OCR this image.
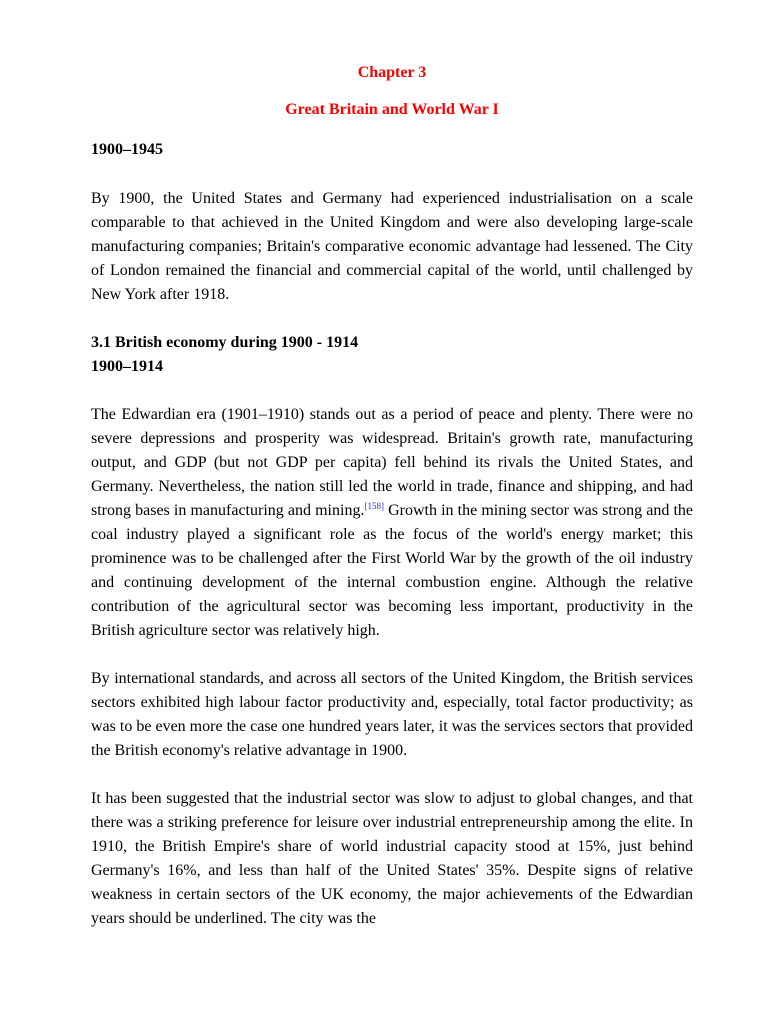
Chapter 3

Great Britain and World War I

1900–1945

By 1900, the United States and Germany had experienced industrialisation on a scale comparable to that achieved in the United Kingdom and were also developing large-scale manufacturing companies; Britain's comparative economic advantage had lessened. The City of London remained the financial and commercial capital of the world, until challenged by New York after 1918.

3.1 British economy during 1900 - 1914

1900–1914

The Edwardian era (1901–1910) stands out as a period of peace and plenty. There were no severe depressions and prosperity was widespread. Britain's growth rate, manufacturing output, and GDP (but not GDP per capita) fell behind its rivals the United States, and Germany. Nevertheless, the nation still led the world in trade, finance and shipping, and had strong bases in manufacturing and mining.[158] Growth in the mining sector was strong and the coal industry played a significant role as the focus of the world's energy market; this prominence was to be challenged after the First World War by the growth of the oil industry and continuing development of the internal combustion engine. Although the relative contribution of the agricultural sector was becoming less important, productivity in the British agriculture sector was relatively high.

By international standards, and across all sectors of the United Kingdom, the British services sectors exhibited high labour factor productivity and, especially, total factor productivity; as was to be even more the case one hundred years later, it was the services sectors that provided the British economy's relative advantage in 1900.

It has been suggested that the industrial sector was slow to adjust to global changes, and that there was a striking preference for leisure over industrial entrepreneurship among the elite. In 1910, the British Empire's share of world industrial capacity stood at 15%, just behind Germany's 16%, and less than half of the United States' 35%. Despite signs of relative weakness in certain sectors of the UK economy, the major achievements of the Edwardian years should be underlined. The city was the
